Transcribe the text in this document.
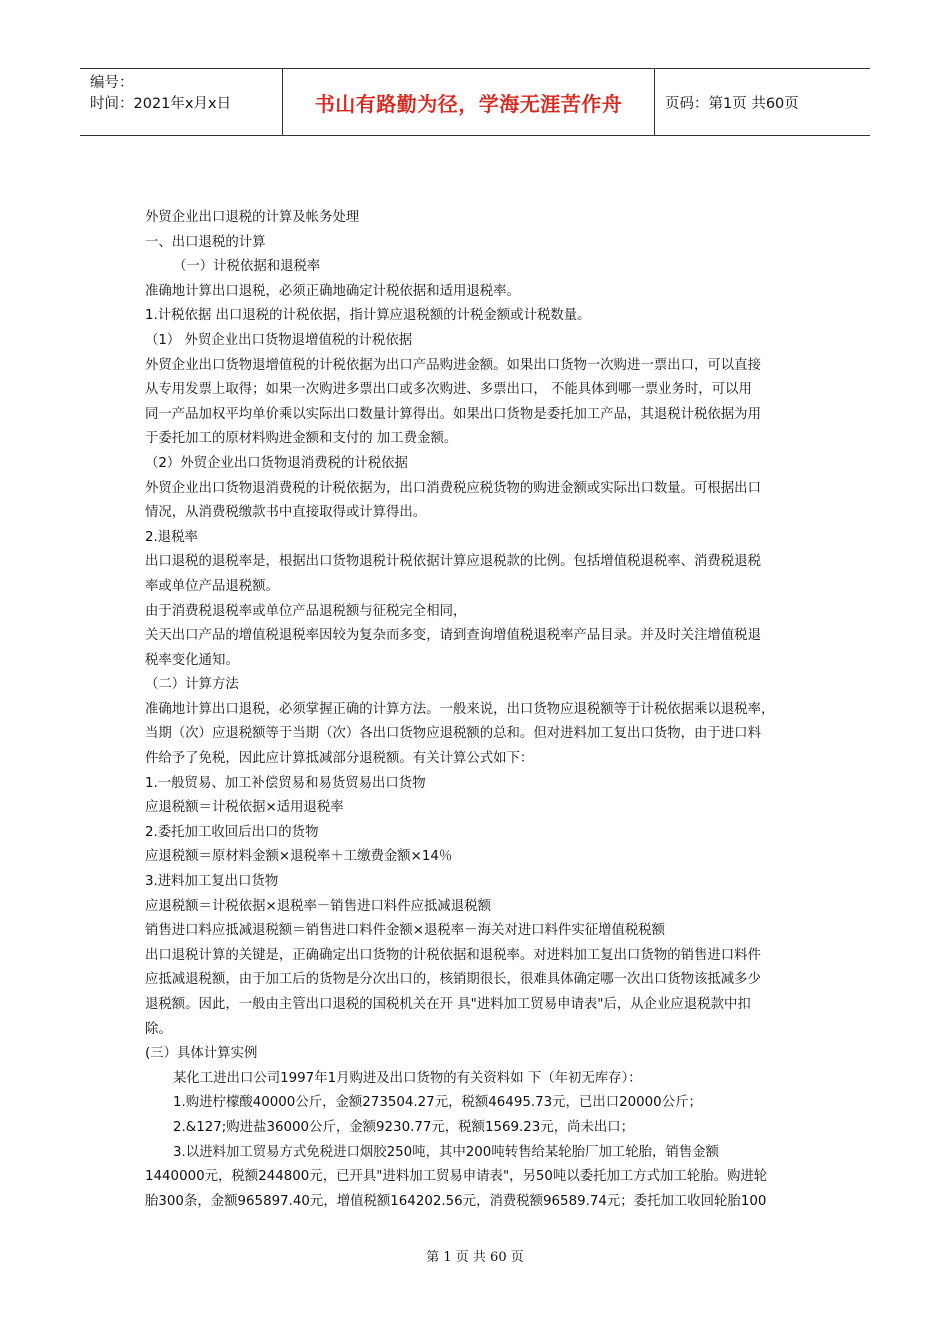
编号：
时间：2021年x月x日	书山有路勤为径，学海无涯苦作舟	页码：第1页 共60页

外贸企业出口退税的计算及帐务处理

一、出口退税的计算

（一）计税依据和退税率

准确地计算出口退税，必须正确地确定计税依据和适用退税率。

1.计税依据 出口退税的计税依据，指计算应退税额的计税金额或计税数量。

（1） 外贸企业出口货物退增值税的计税依据

外贸企业出口货物退增值税的计税依据为出口产品购进金额。如果出口货物一次购进一票出口，可以直接

从专用发票上取得；如果一次购进多票出口或多次购进、多票出口， 不能具体到哪一票业务时，可以用

同一产品加权平均单价乘以实际出口数量计算得出。如果出口货物是委托加工产品，其退税计税依据为用

于委托加工的原材料购进金额和支付的 加工费金额。

（2）外贸企业出口货物退消费税的计税依据

外贸企业出口货物退消费税的计税依据为，出口消费税应税货物的购进金额或实际出口数量。可根据出口

情况，从消费税缴款书中直接取得或计算得出。

2.退税率

出口退税的退税率是，根据出口货物退税计税依据计算应退税款的比例。包括增值税退税率、消费税退税

率或单位产品退税额。

由于消费税退税率或单位产品退税额与征税完全相同，

关天出口产品的增值税退税率因较为复杂而多变，请到查询增值税退税率产品目录。并及时关注增值税退

税率变化通知。

（二）计算方法

准确地计算出口退税，必须掌握正确的计算方法。一般来说，出口货物应退税额等于计税依据乘以退税率，

当期（次）应退税额等于当期（次）各出口货物应退税额的总和。但对进料加工复出口货物，由于进口料

件给予了免税，因此应计算抵减部分退税额。有关计算公式如下：

1.一般贸易、加工补偿贸易和易货贸易出口货物

应退税额＝计税依据×适用退税率

2.委托加工收回后出口的货物

应退税额＝原材料金额×退税率＋工缴费金额×14％

3.进料加工复出口货物

应退税额＝计税依据×退税率－销售进口料件应抵减退税额

销售进口料应抵减退税额＝销售进口料件金额×退税率－海关对进口料件实征增值税税额

出口退税计算的关键是，正确确定出口货物的计税依据和退税率。对进料加工复出口货物的销售进口料件

应抵减退税额，由于加工后的货物是分次出口的，核销期很长，很难具体确定哪一次出口货物该抵减多少

退税额。因此，一般由主管出口退税的国税机关在开 具"进料加工贸易申请表"后，从企业应退税款中扣

除。

(三）具体计算实例

某化工进出口公司1997年1月购进及出口货物的有关资料如 下（年初无库存）：

1.购进柠檬酸40000公斤，金额273504.27元，税额46495.73元，已出口20000公斤；

2.&127;购进盐36000公斤，金额9230.77元，税额1569.23元，尚未出口；

3.以进料加工贸易方式免税进口烟胶250吨，其中200吨转售给某轮胎厂加工轮胎，销售金额

1440000元，税额244800元，已开具"进料加工贸易申请表"，另50吨以委托加工方式加工轮胎。购进轮

胎300条，金额965897.40元，增值税额164202.56元，消费税额96589.74元；委托加工收回轮胎100

第 1 页 共 60 页
